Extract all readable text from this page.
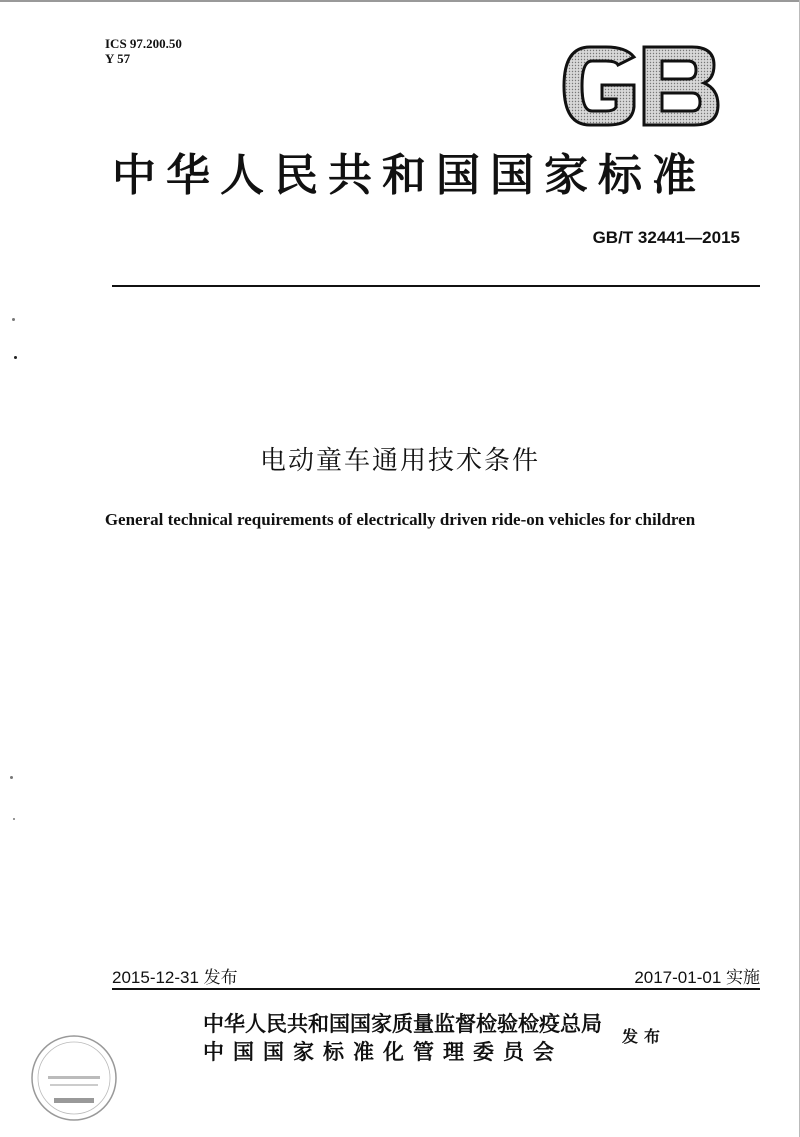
ICS 97.200.50
Y 57
中华人民共和国国家标准
GB/T 32441—2015
电动童车通用技术条件
General technical requirements of electrically driven ride-on vehicles for children
2015-12-31 发布	2017-01-01 实施
中华人民共和国国家质量监督检验检疫总局
中国国家标准化管理委员会
发布
